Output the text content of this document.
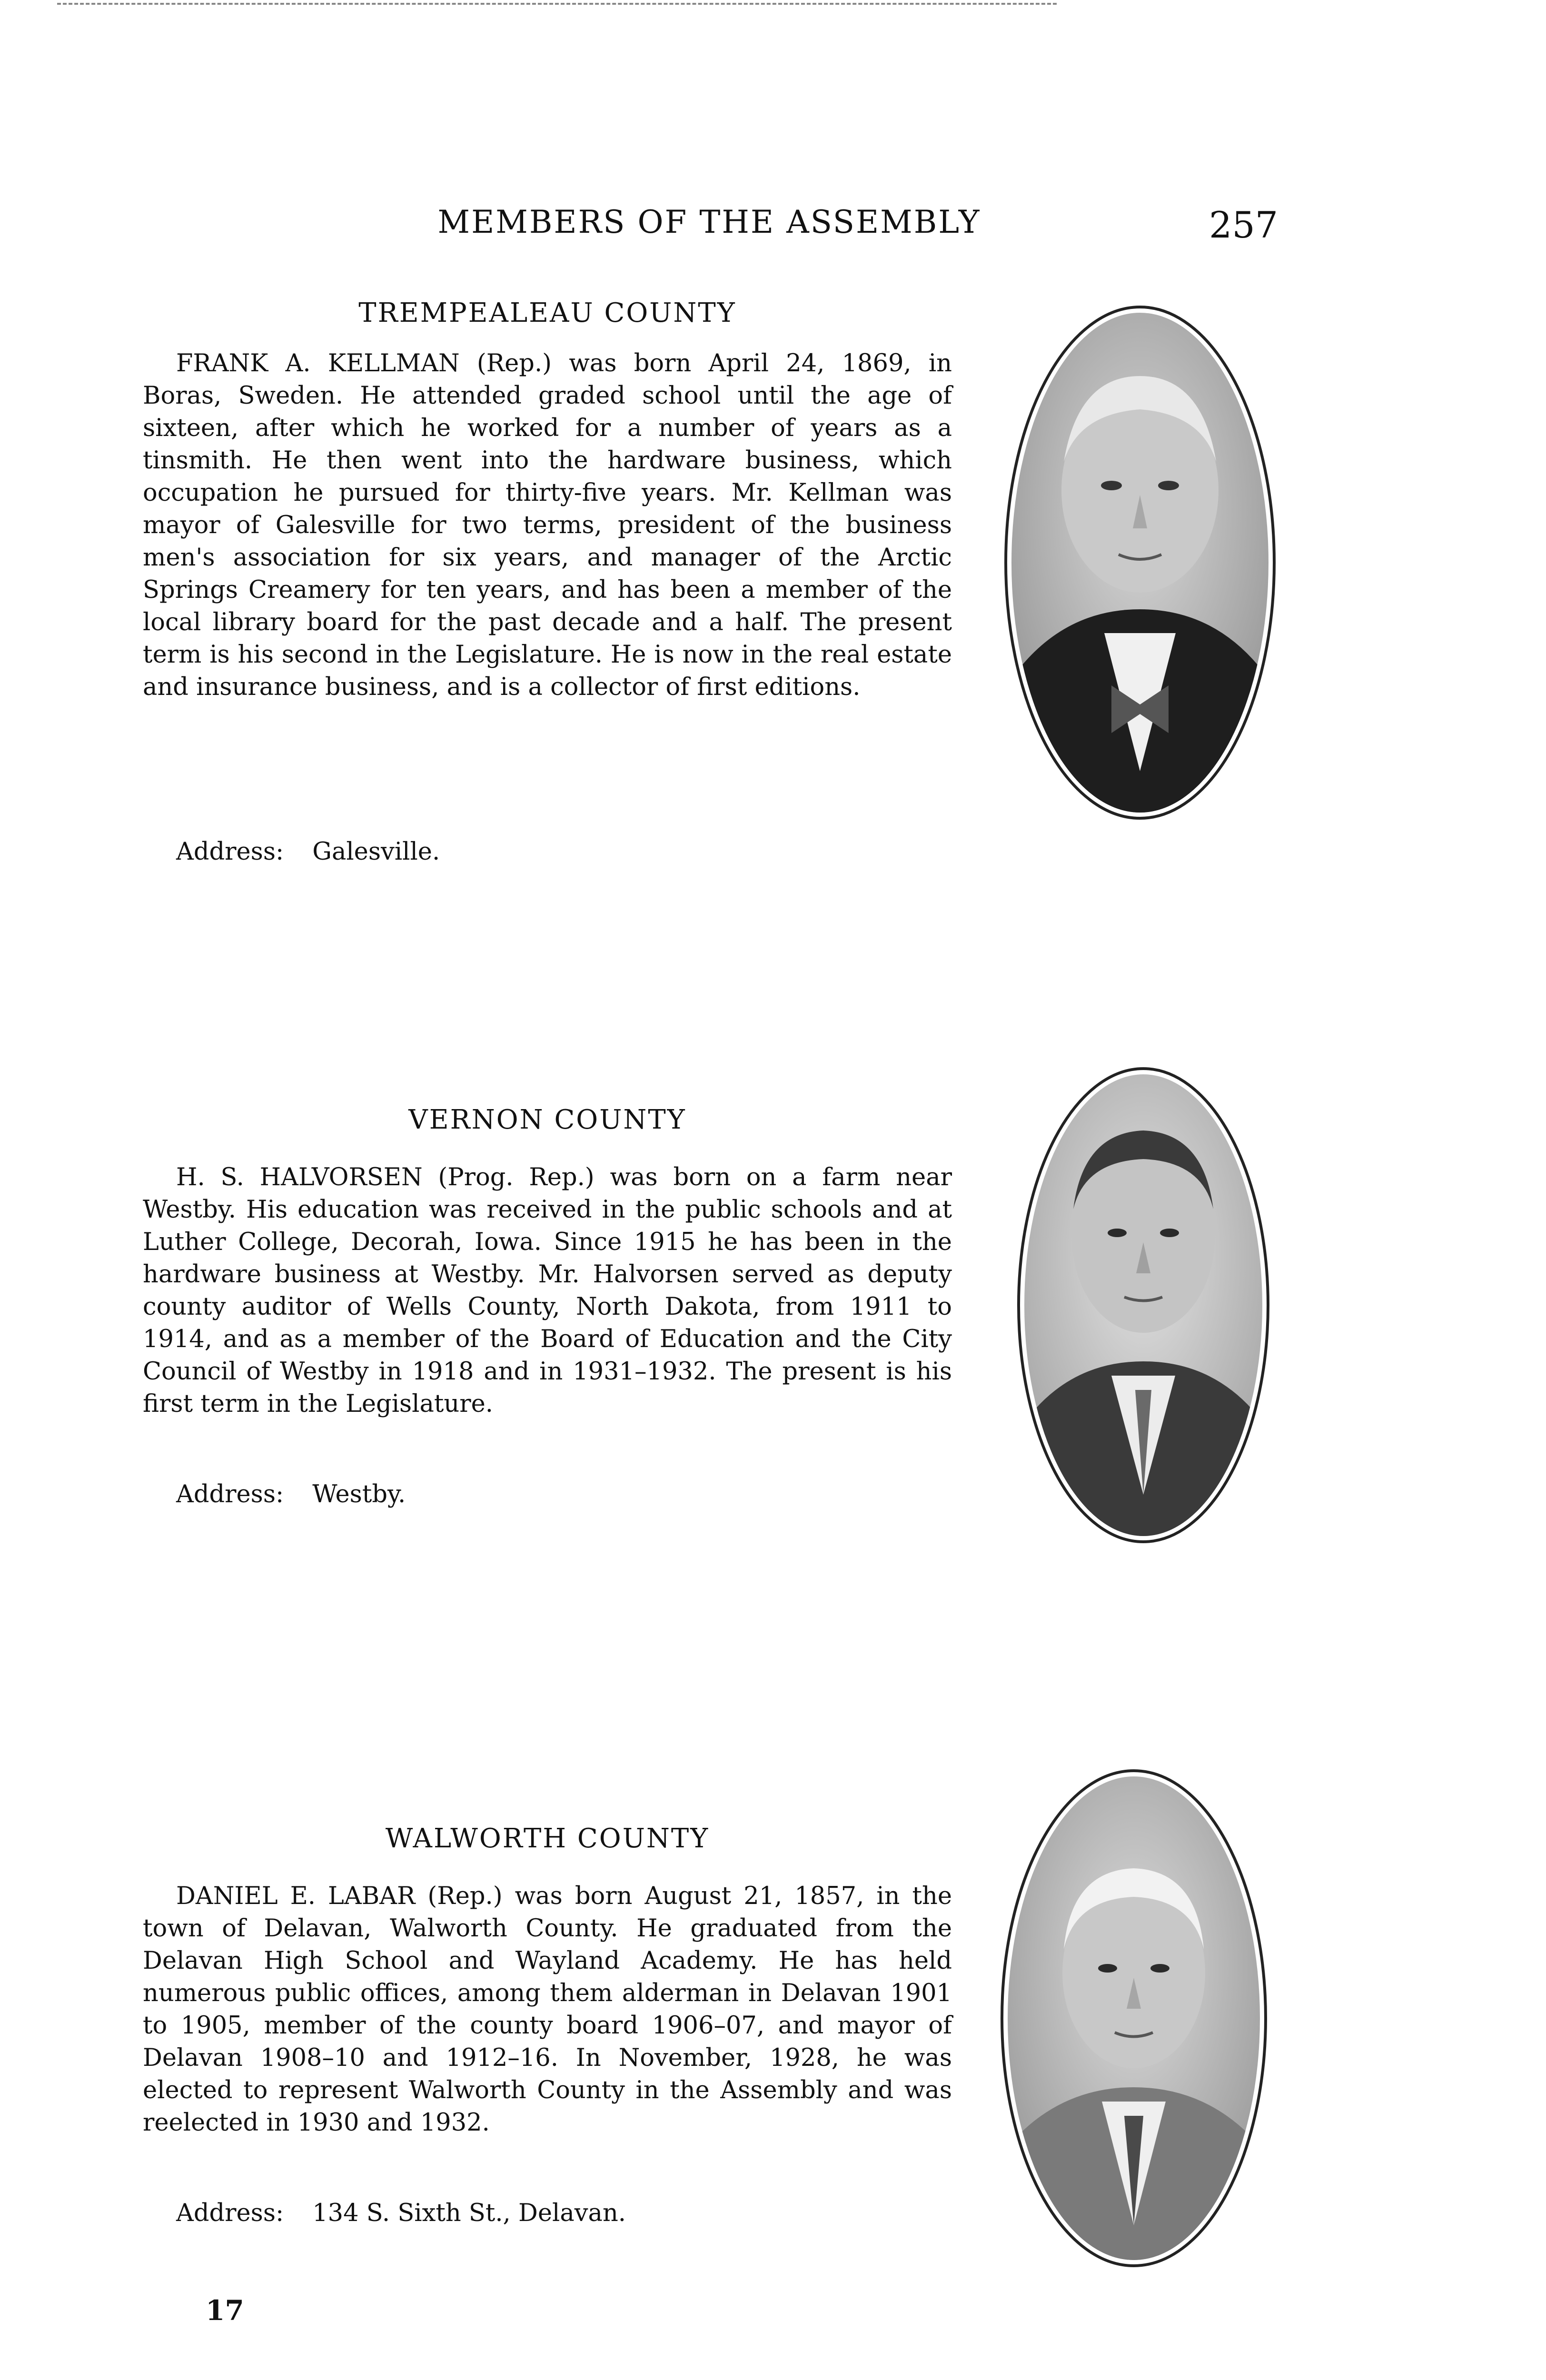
MEMBERS OF THE ASSEMBLY	257
TREMPEALEAU COUNTY

FRANK A. KELLMAN (Rep.) was born April 24, 1869, in Boras, Sweden. He attended graded school until the age of sixteen, after which he worked for a number of years as a tinsmith. He then went into the hardware business, which occupation he pursued for thirty-five years. Mr. Kellman was mayor of Galesville for two terms, president of the business men's association for six years, and manager of the Arctic Springs Creamery for ten years, and has been a member of the local library board for the past decade and a half. The present term is his second in the Legislature. He is now in the real estate and insurance business, and is a collector of first editions.

Address: Galesville.
VERNON COUNTY

H. S. HALVORSEN (Prog. Rep.) was born on a farm near Westby. His education was received in the public schools and at Luther College, Decorah, Iowa. Since 1915 he has been in the hardware business at Westby. Mr. Halvorsen served as deputy county auditor of Wells County, North Dakota, from 1911 to 1914, and as a member of the Board of Education and the City Council of Westby in 1918 and in 1931–1932. The present is his first term in the Legislature.

Address: Westby.
WALWORTH COUNTY

DANIEL E. LABAR (Rep.) was born August 21, 1857, in the town of Delavan, Walworth County. He graduated from the Delavan High School and Wayland Academy. He has held numerous public offices, among them alderman in Delavan 1901 to 1905, member of the county board 1906–07, and mayor of Delavan 1908–10 and 1912–16. In November, 1928, he was elected to represent Walworth County in the Assembly and was reelected in 1930 and 1932.

Address: 134 S. Sixth St., Delavan.
17
